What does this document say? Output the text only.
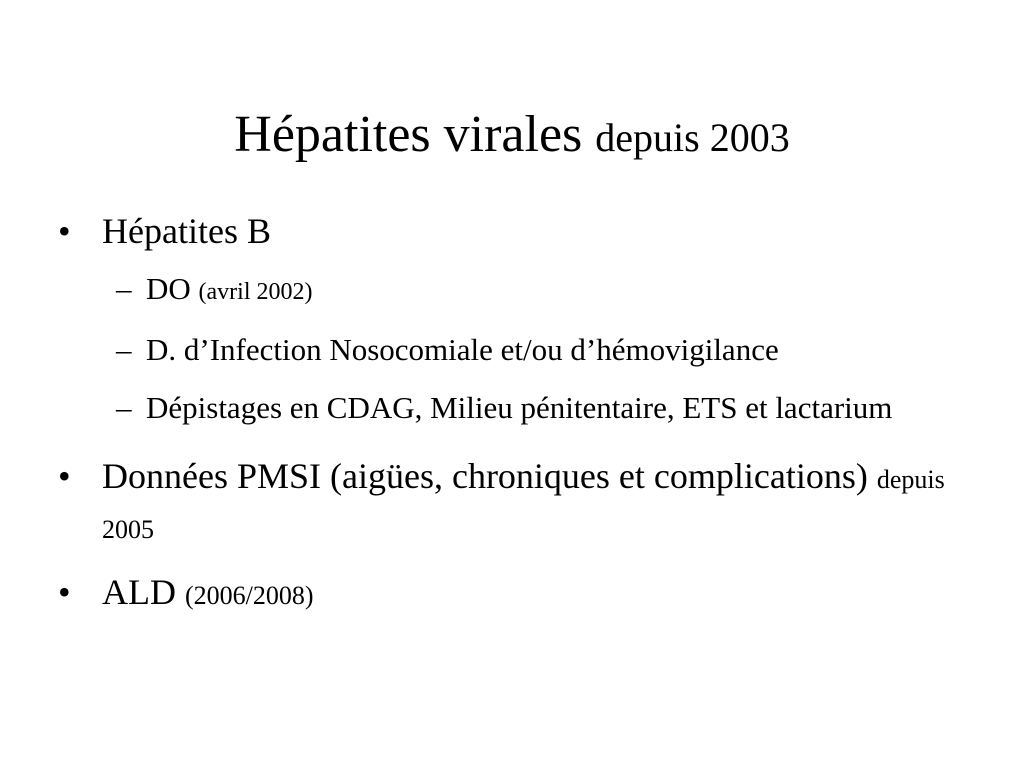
Hépatites virales depuis 2003
• Hépatites B
– DO (avril 2002)
– D. d’Infection Nosocomiale et/ou d’hémovigilance
– Dépistages en CDAG, Milieu pénitentaire, ETS et lactarium
• Données PMSI (aigües, chroniques et complications) depuis 2005
• ALD (2006/2008)
